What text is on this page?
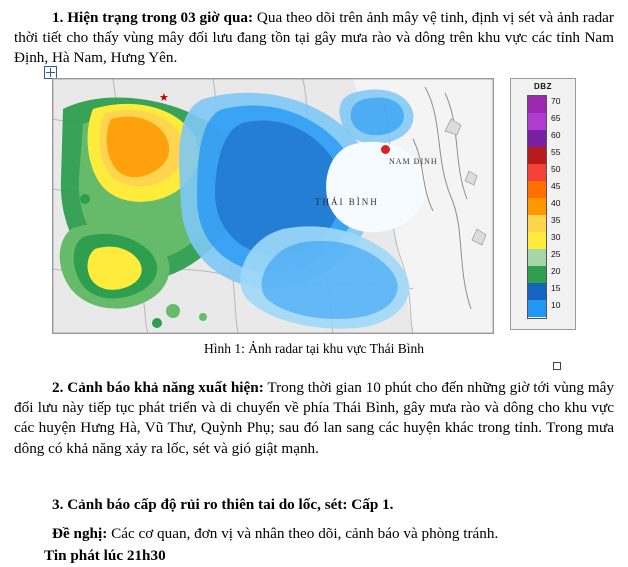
1. Hiện trạng trong 03 giờ qua: Qua theo dõi trên ảnh mây vệ tinh, định vị sét và ảnh radar thời tiết cho thấy vùng mây đối lưu đang tồn tại gây mưa rào và dông trên khu vực các tỉnh Nam Định, Hà Nam, Hưng Yên.

★
THÁI BÌNH
NAM ĐỊNH
DBZ
70
65
60
55
50
45
40
35
30
25
20
15
10
Hình 1: Ảnh radar tại khu vực Thái Bình

2. Cảnh báo khả năng xuất hiện: Trong thời gian 10 phút cho đến những giờ tới vùng mây đối lưu này tiếp tục phát triển và di chuyển về phía Thái Bình, gây mưa rào và dông cho khu vực các huyện Hưng Hà, Vũ Thư, Quỳnh Phụ; sau đó lan sang các huyện khác trong tỉnh. Trong mưa dông có khả năng xảy ra lốc, sét và gió giật mạnh.

3. Cảnh báo cấp độ rủi ro thiên tai do lốc, sét: Cấp 1.

Đề nghị: Các cơ quan, đơn vị và nhân theo dõi, cảnh báo và phòng tránh.

Tin phát lúc 21h30
